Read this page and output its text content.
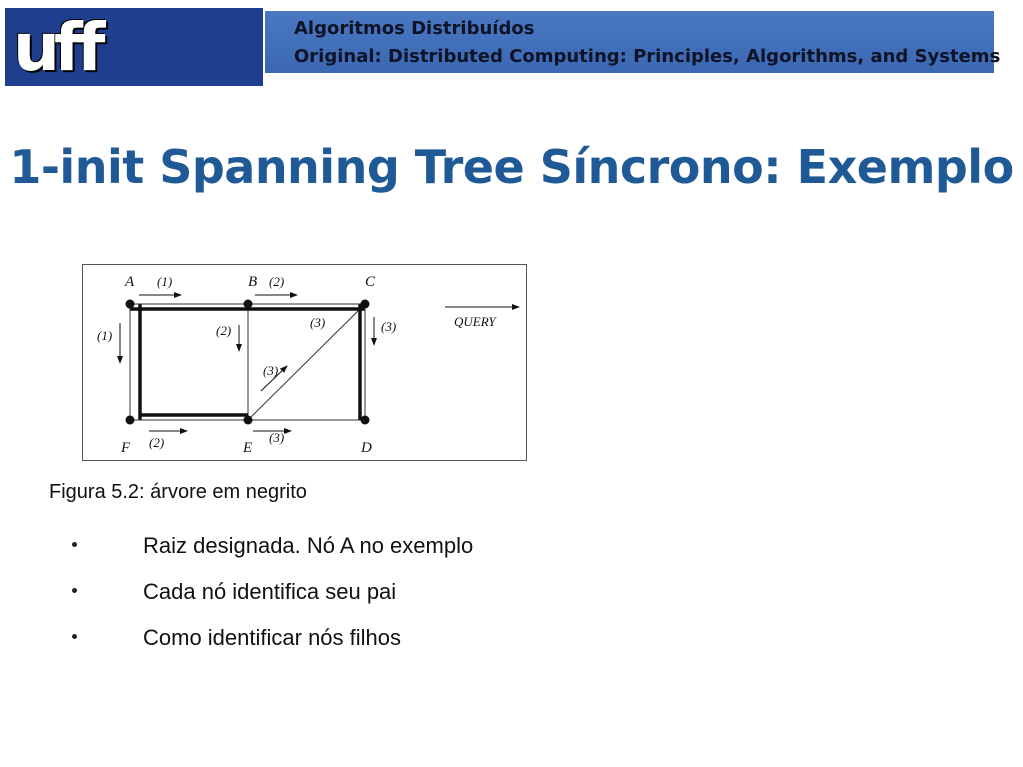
uff	Algoritmos Distribuídos
Original: Distributed Computing: Principles, Algorithms, and Systems
1-init Spanning Tree Síncrono: Exemplo
A	B	C
D
E
F
(1)
(1)
(2)
(2)	(3)
(3)
(3)
(2)	(3)
QUERY
Figura 5.2: árvore em negrito
Raiz designada. Nó A no exemplo
Cada nó identifica seu pai
Como identificar nós filhos
